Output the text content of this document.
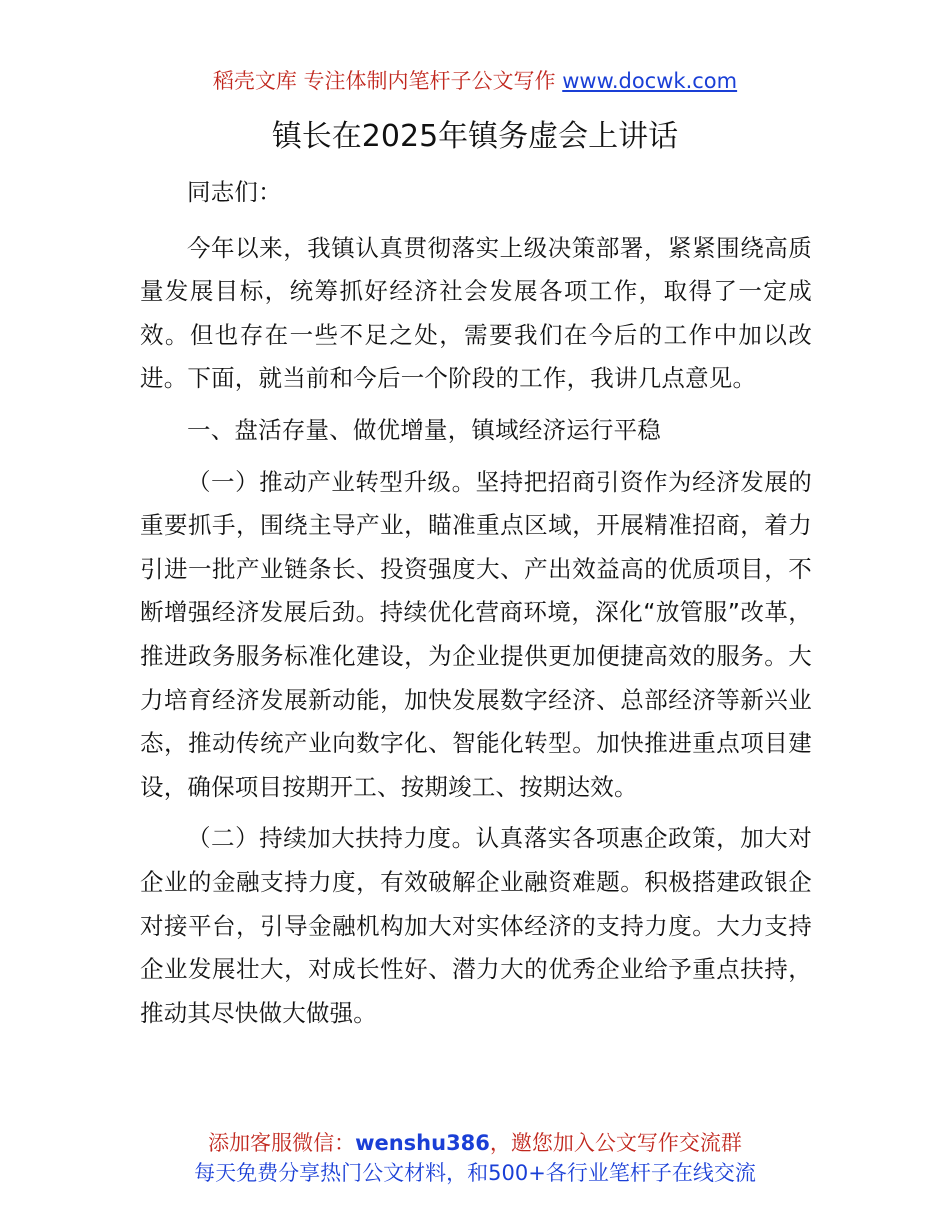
稻壳文库 专注体制内笔杆子公文写作 www.docwk.com
镇长在2025年镇务虚会上讲话

同志们：

今年以来，我镇认真贯彻落实上级决策部署，紧紧围绕高质量发展目标，统筹抓好经济社会发展各项工作，取得了一定成效。但也存在一些不足之处，需要我们在今后的工作中加以改进。下面，就当前和今后一个阶段的工作，我讲几点意见。

一、盘活存量、做优增量，镇域经济运行平稳

（一）推动产业转型升级。坚持把招商引资作为经济发展的重要抓手，围绕主导产业，瞄准重点区域，开展精准招商，着力引进一批产业链条长、投资强度大、产出效益高的优质项目，不断增强经济发展后劲。持续优化营商环境，深化“放管服”改革，推进政务服务标准化建设，为企业提供更加便捷高效的服务。大力培育经济发展新动能，加快发展数字经济、总部经济等新兴业态，推动传统产业向数字化、智能化转型。加快推进重点项目建设，确保项目按期开工、按期竣工、按期达效。

（二）持续加大扶持力度。认真落实各项惠企政策，加大对企业的金融支持力度，有效破解企业融资难题。积极搭建政银企对接平台，引导金融机构加大对实体经济的支持力度。大力支持企业发展壮大，对成长性好、潜力大的优秀企业给予重点扶持，推动其尽快做大做强。

添加客服微信：wenshu386，邀您加入公文写作交流群
每天免费分享热门公文材料，和500+各行业笔杆子在线交流
